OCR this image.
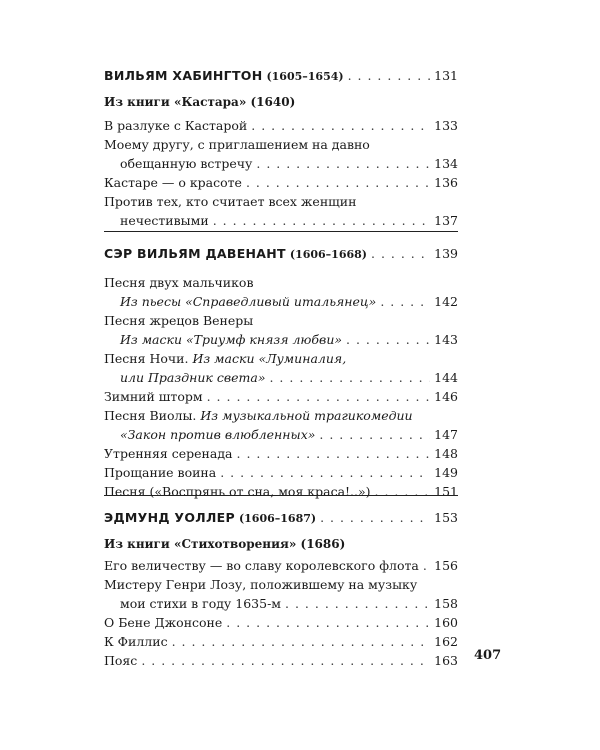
ВИЛЬЯМ ХАБИНГТОН (1605–1654) . . .	131
Из книги «Кастара» (1640)
В разлуке с Кастарой . . .	133
Моему другу, с приглашением на давно
обещанную встречу . . .	134
Кастаре — о красоте . . .	136
Против тех, кто считает всех женщин
нечестивыми . . .	137
СЭР ВИЛЬЯМ ДАВЕНАНТ (1606–1668) . . .	139
Песня двух мальчиков
Из пьесы «Справедливый итальянец» . . .	142
Песня жрецов Венеры
Из маски «Триумф князя любви» . . .	143
Песня Ночи. Из маски «Луминалия,
или Праздник света» . . .	144
Зимний шторм . . .	146
Песня Виолы. Из музыкальной трагикомедии
«Закон против влюбленных» . . .	147
Утренняя серенада . . .	148
Прощание воина . . .	149
Песня («Воспрянь от сна, моя краса!..») . . .	151
ЭДМУНД УОЛЛЕР (1606–1687) . . .	153
Из книги «Стихотворения» (1686)
Его величеству — во славу королевского флота . . . 156
Мистеру Генри Лозу, положившему на музыку
мои стихи в году 1635-м . . .	158
О Бене Джонсоне . . .	160
К Филлис . . .	162
Пояс . . .	163 407
